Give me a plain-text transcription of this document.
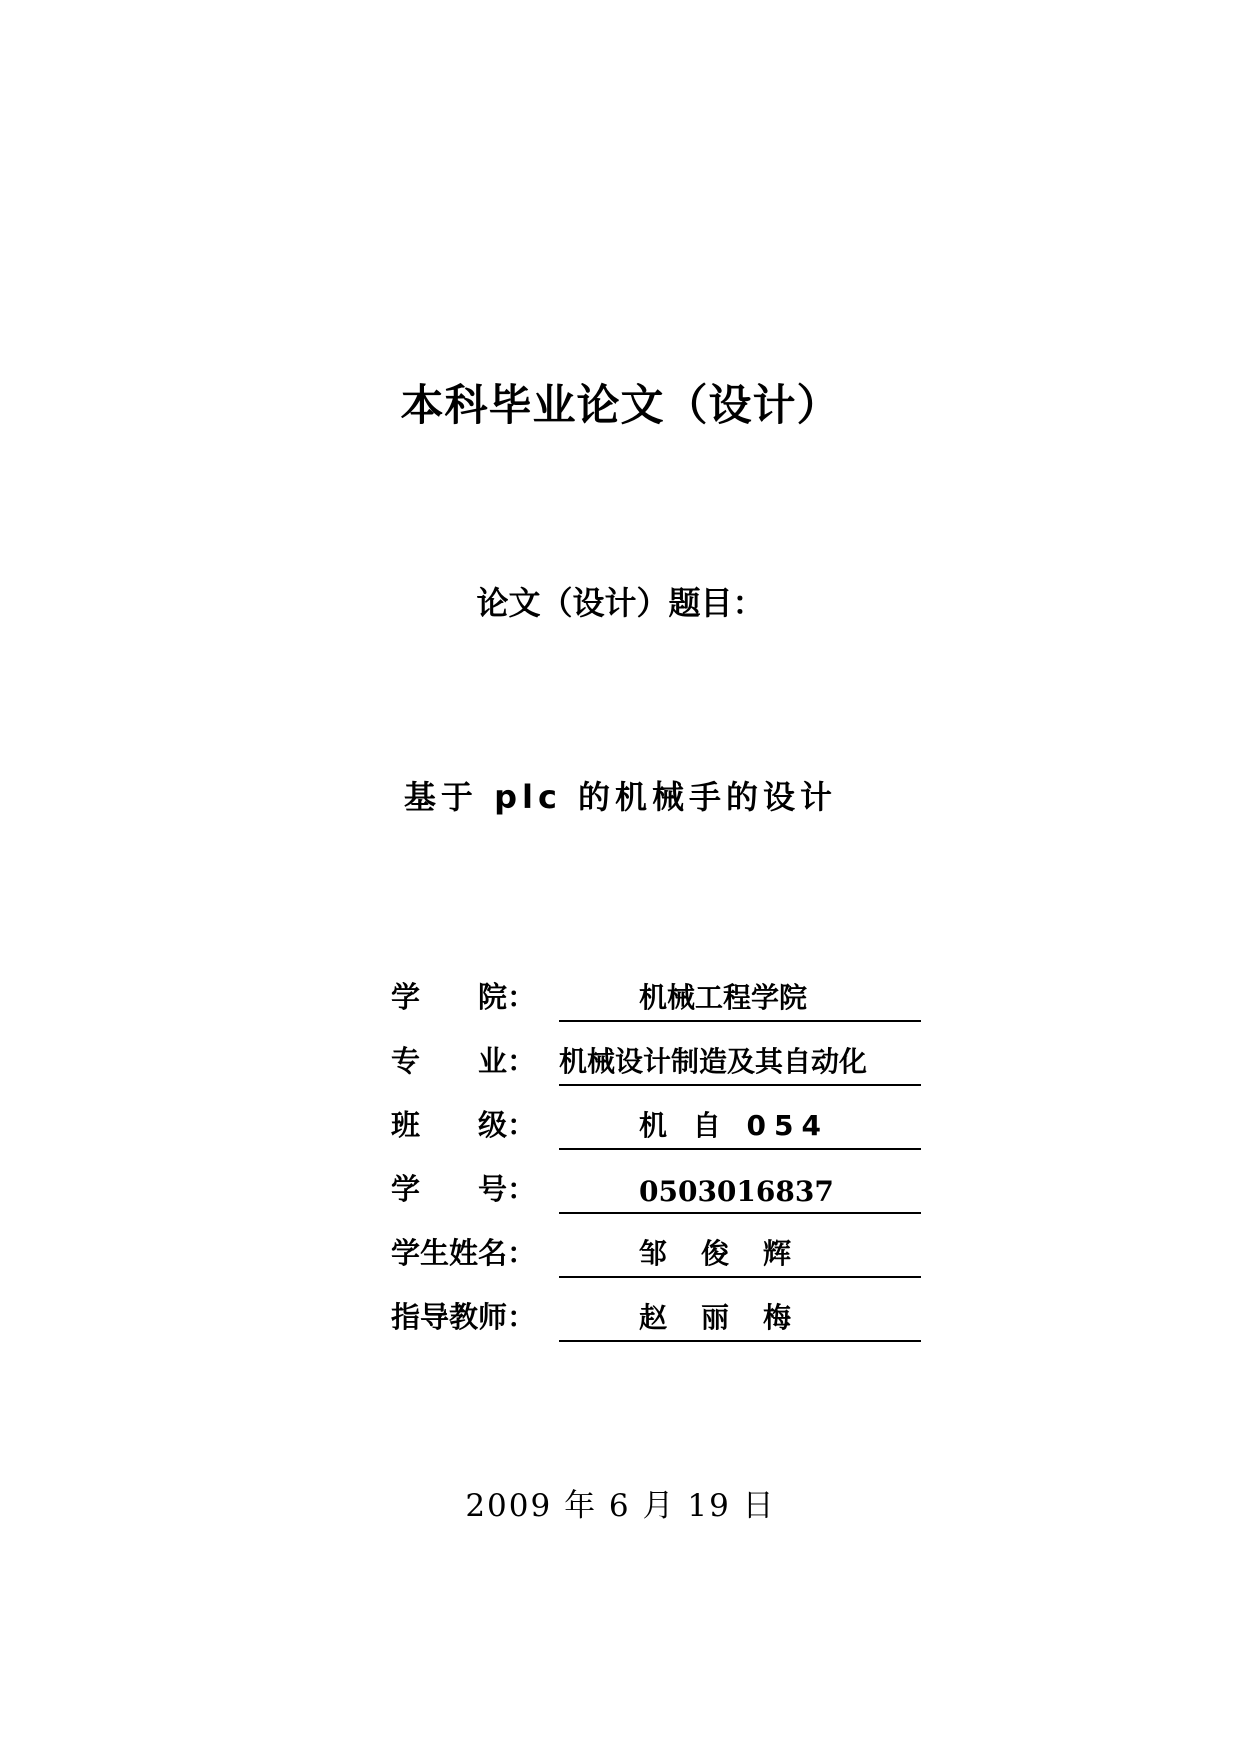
本科毕业论文（设计）
论文（设计）题目：
基于 plc 的机械手的设计
学　　院：	机械工程学院
专　　业： 机械设计制造及其自动化
班　　级：	机 自 054
学　　号：	0503016837
学生姓名：	邹俊辉
指导教师：	赵丽梅
2009 年 6 月 19 日
